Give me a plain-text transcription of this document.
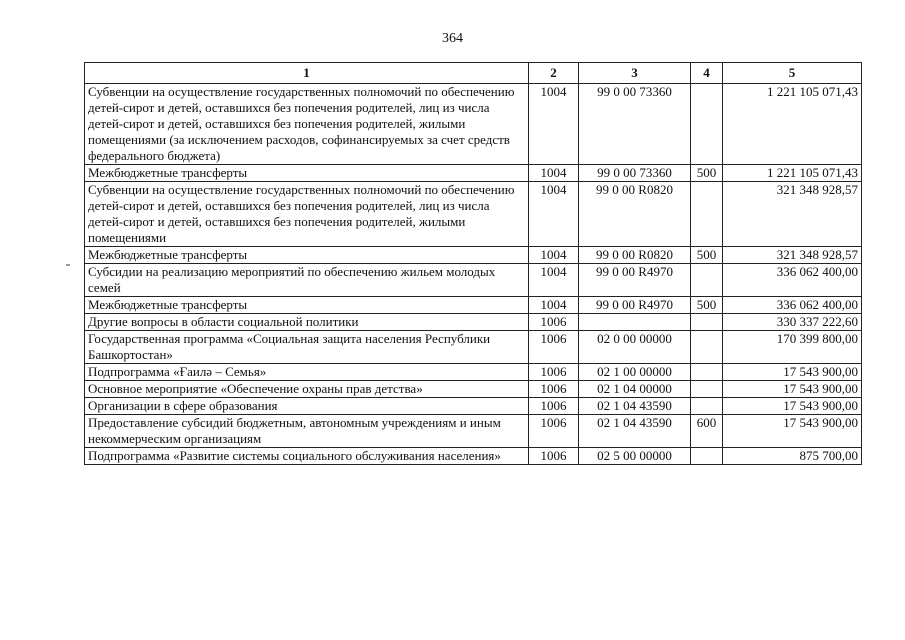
364
1	2	3	4	5
Субвенции на осуществление государственных полномочий по обеспечению детей-сирот и детей, оставшихся без попечения родителей, лиц из числа детей-сирот и детей, оставшихся без попечения родителей, жилыми помещениями (за исключением расходов, софинансируемых за счет средств федерального бюджета)	1004	99 0 00 73360		1 221 105 071,43
Межбюджетные трансферты	1004	99 0 00 73360	500	1 221 105 071,43
Субвенции на осуществление государственных полномочий по обеспечению детей-сирот и детей, оставшихся без попечения родителей, лиц из числа детей-сирот и детей, оставшихся без попечения родителей, жилыми помещениями	1004	99 0 00 R0820		321 348 928,57
Межбюджетные трансферты	1004	99 0 00 R0820	500	321 348 928,57
Субсидии на реализацию мероприятий по обеспечению жильем молодых семей	1004	99 0 00 R4970		336 062 400,00
Межбюджетные трансферты	1004	99 0 00 R4970	500	336 062 400,00
Другие вопросы в области социальной политики	1006			330 337 222,60
Государственная программа «Социальная защита населения Республики Башкортостан»	1006	02 0 00 00000		170 399 800,00
Подпрограмма «Ғаилә – Семья»	1006	02 1 00 00000		17 543 900,00
Основное мероприятие «Обеспечение охраны прав детства»	1006	02 1 04 00000		17 543 900,00
Организации в сфере образования	1006	02 1 04 43590		17 543 900,00
Предоставление субсидий бюджетным, автономным учреждениям и иным некоммерческим организациям	1006	02 1 04 43590	600	17 543 900,00
Подпрограмма «Развитие системы социального обслуживания населения»	1006	02 5 00 00000		875 700,00
